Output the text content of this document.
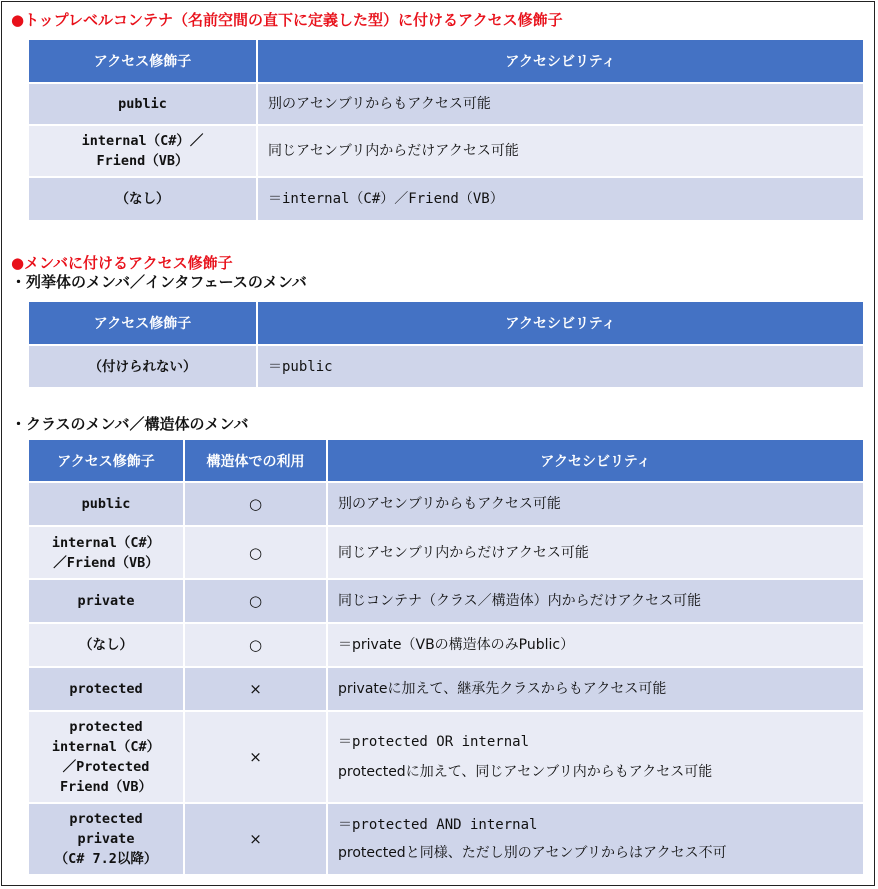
●トップレベルコンテナ（名前空間の直下に定義した型）に付けるアクセス修飾子
アクセス修飾子	アクセシビリティ

public	別のアセンブリからもアクセス可能

internal（C#）／
Friend（VB）	同じアセンブリ内からだけアクセス可能

（なし）	＝internal（C#）／Friend（VB）
●メンバに付けるアクセス修飾子
・列挙体のメンバ／インタフェースのメンバ
アクセス修飾子	アクセシビリティ

（付けられない）	＝public
・クラスのメンバ／構造体のメンバ
アクセス修飾子	構造体での利用	アクセシビリティ

public	○	別のアセンブリからもアクセス可能

internal（C#）
／Friend（VB）	○	同じアセンブリ内からだけアクセス可能

private	○	同じコンテナ（クラス／構造体）内からだけアクセス可能

（なし）	○	＝private（VBの構造体のみPublic）

protected	×	privateに加えて、継承先クラスからもアクセス可能

protected
internal（C#）
／Protected
Friend（VB）	×	＝protected OR internal
protectedに加えて、同じアセンブリ内からもアクセス可能

protected
private
（C# 7.2以降）	×	＝protected AND internal
protectedと同様、ただし別のアセンブリからはアクセス不可
